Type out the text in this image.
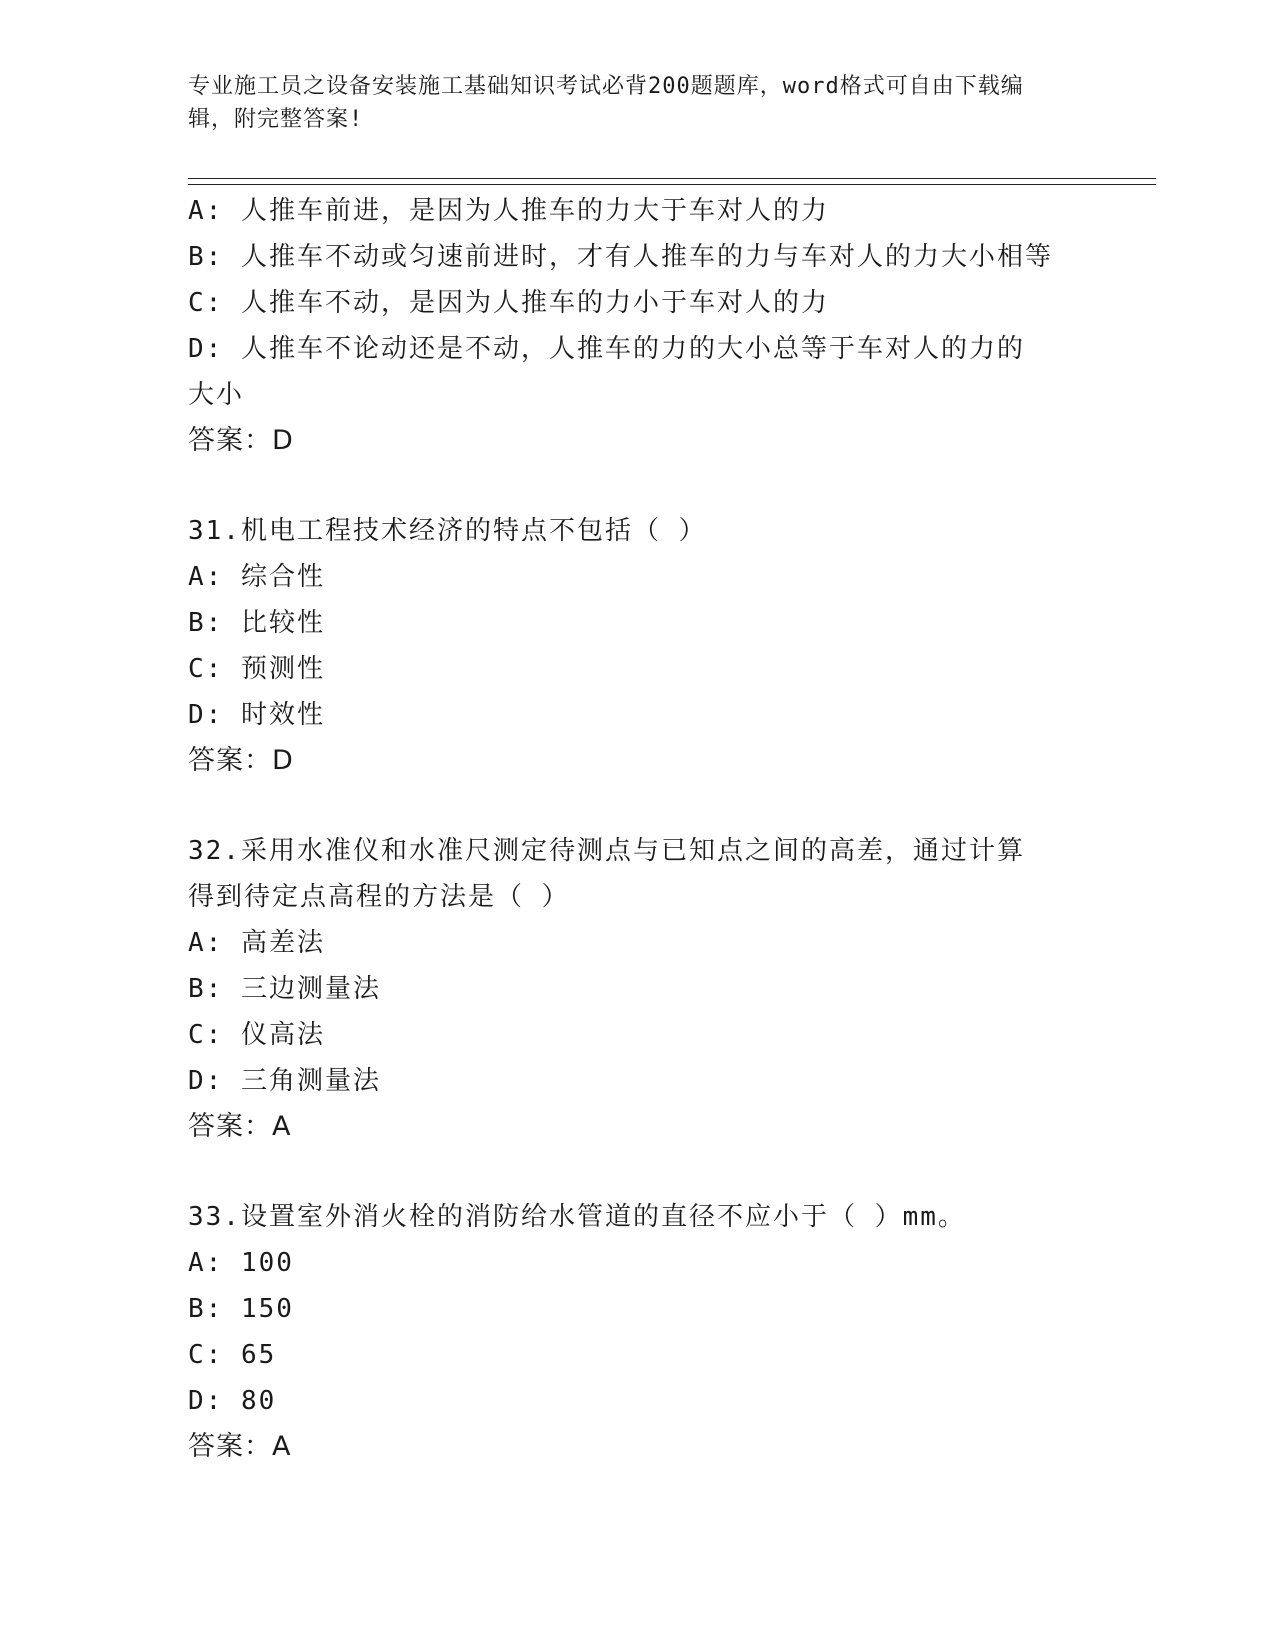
专业施工员之设备安装施工基础知识考试必背200题题库，word格式可自由下载编辑，附完整答案!
A: 人推车前进，是因为人推车的力大于车对人的力
B: 人推车不动或匀速前进时，才有人推车的力与车对人的力大小相等
C: 人推车不动，是因为人推车的力小于车对人的力
D: 人推车不论动还是不动，人推车的力的大小总等于车对人的力的大小
答案：D
31.机电工程技术经济的特点不包括（ ）
A: 综合性
B: 比较性
C: 预测性
D: 时效性
答案：D
32.采用水准仪和水准尺测定待测点与已知点之间的高差，通过计算得到待定点高程的方法是（ ）
A: 高差法
B: 三边测量法
C: 仪高法
D: 三角测量法
答案：A
33.设置室外消火栓的消防给水管道的直径不应小于（ ）mm。
A: 100
B: 150
C: 65
D: 80
答案：A
